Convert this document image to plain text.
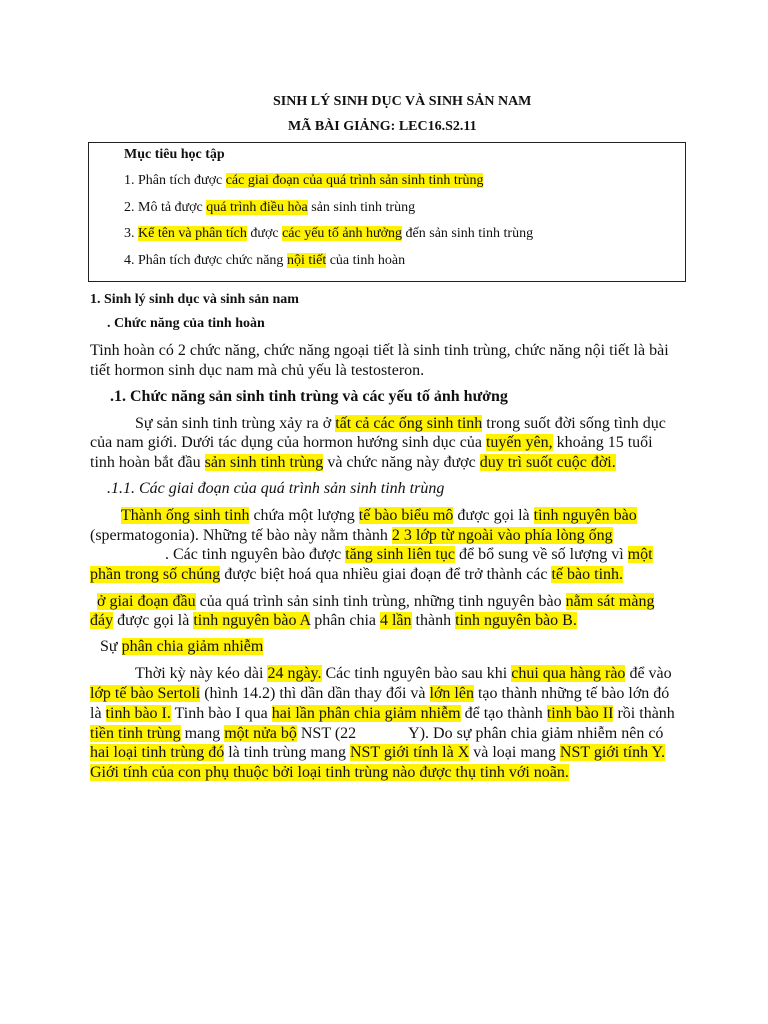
SINH LÝ SINH DỤC VÀ SINH SẢN NAM
MÃ BÀI GIẢNG: LEC16.S2.11
Mục tiêu học tập
1. Phân tích được các giai đoạn của quá trình sản sinh tinh trùng
2. Mô tả được quá trình điều hòa sản sinh tinh trùng
3. Kể tên và phân tích được các yếu tố ảnh hưởng đến sản sinh tinh trùng
4. Phân tích được chức năng nội tiết của tinh hoàn
1. Sinh lý sinh dục và sinh sản nam
. Chức năng của tinh hoàn
Tinh hoàn có 2 chức năng, chức năng ngoại tiết là sinh tinh trùng, chức năng nội tiết là bài
tiết hormon sinh dục nam mà chủ yếu là testosteron.
.1. Chức năng sản sinh tinh trùng và các yếu tố ảnh hưởng
Sự sản sinh tinh trùng xảy ra ở tất cả các ống sinh tinh trong suốt đời sống tình dục
của nam giới. Dưới tác dụng của hormon hướng sinh dục của tuyến yên, khoảng 15 tuổi
tinh hoàn bắt đầu sản sinh tinh trùng và chức năng này được duy trì suốt cuộc đời.
.1.1. Các giai đoạn của quá trình sản sinh tinh trùng
Thành ống sinh tinh chứa một lượng tế bào biểu mô được gọi là tinh nguyên bào
(spermatogonia). Những tế bào này nằm thành 2 3 lớp từ ngoài vào phía lòng ống
. Các tinh nguyên bào được tăng sinh liên tục để bổ sung về số lượng vì một
phần trong số chúng được biệt hoá qua nhiều giai đoạn để trở thành các tế bào tinh.
ở giai đoạn đầu của quá trình sản sinh tinh trùng, những tinh nguyên bào nằm sát màng
đáy được gọi là tinh nguyên bào A phân chia 4 lần thành tinh nguyên bào B.
Sự phân chia giảm nhiễm
Thời kỳ này kéo dài 24 ngày. Các tinh nguyên bào sau khi chui qua hàng rào để vào
lớp tế bào Sertoli (hình 14.2) thì dần dần thay đổi và lớn lên tạo thành những tế bào lớn đó
là tinh bào I. Tinh bào I qua hai lần phân chia giảm nhiễm để tạo thành tinh bào II rồi thành
tiền tinh trùng mang một nửa bộ NST (22	Y). Do sự phân chia giảm nhiễm nên có
hai loại tinh trùng đó là tinh trùng mang NST giới tính là X và loại mang NST giới tính Y.
Giới tính của con phụ thuộc bởi loại tinh trùng nào được thụ tinh với noãn.
